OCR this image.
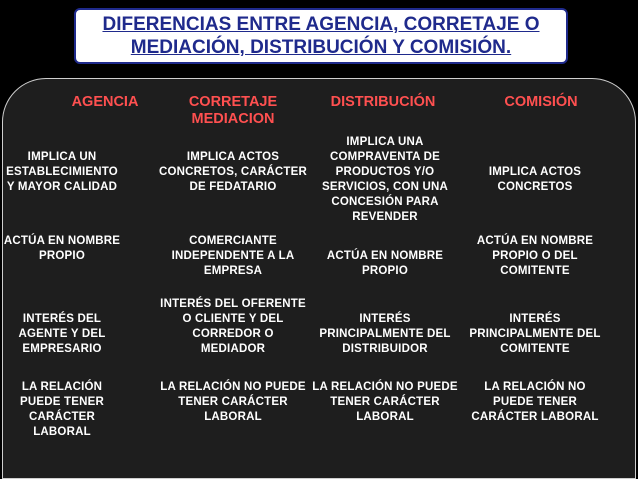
DIFERENCIAS ENTRE AGENCIA, CORRETAJE O MEDIACIÓN, DISTRIBUCIÓN Y COMISIÓN.

AGENCIA	CORRETAJE MEDIACION
DISTRIBUCIÓN	COMISIÓN
IMPLICA UN ESTABLECIMIENTO Y MAYOR CALIDAD
IMPLICA ACTOS CONCRETOS, CARÁCTER DE FEDATARIO
IMPLICA UNA COMPRAVENTA DE PRODUCTOS Y/O SERVICIOS, CON UNA CONCESIÓN PARA REVENDER
IMPLICA ACTOS CONCRETOS
ACTÚA EN NOMBRE PROPIO
COMERCIANTE INDEPENDENTE A LA EMPRESA
ACTÚA EN NOMBRE PROPIO
ACTÚA EN NOMBRE PROPIO O DEL COMITENTE
INTERÉS DEL AGENTE Y DEL EMPRESARIO
INTERÉS DEL OFERENTE O CLIENTE Y DEL CORREDOR O MEDIADOR
INTERÉS PRINCIPALMENTE DEL DISTRIBUIDOR
INTERÉS PRINCIPALMENTE DEL COMITENTE
LA RELACIÓN PUEDE TENER CARÁCTER LABORAL
LA RELACIÓN NO PUEDE TENER CARÁCTER LABORAL
LA RELACIÓN NO PUEDE TENER CARÁCTER LABORAL
LA RELACIÓN NO PUEDE TENER CARÁCTER LABORAL
